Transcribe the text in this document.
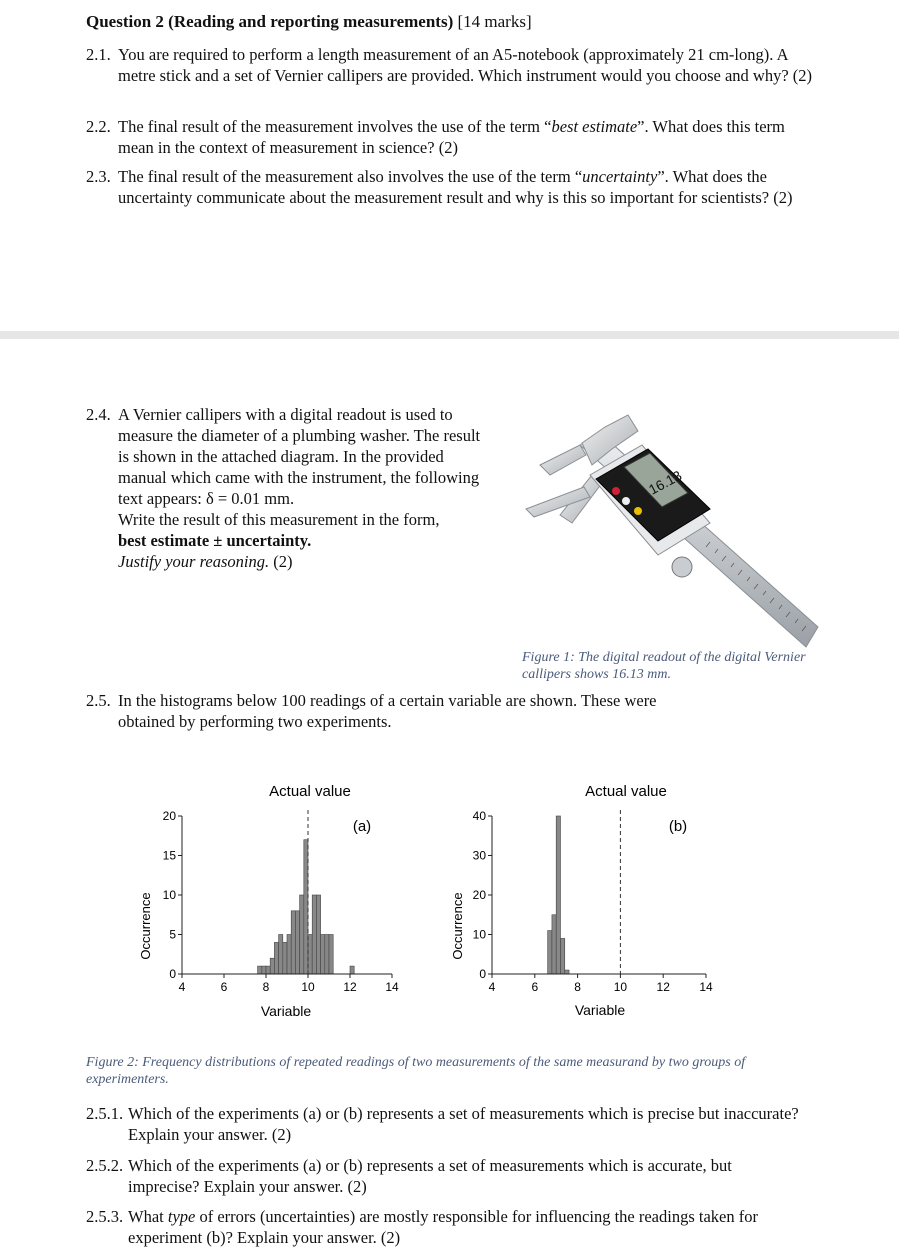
Question 2 (Reading and reporting measurements) [14 marks]
2.1. You are required to perform a length measurement of an A5-notebook (approximately 21 cm-long). A metre stick and a set of Vernier callipers are provided. Which instrument would you choose and why? (2)
2.2. The final result of the measurement involves the use of the term “best estimate”. What does this term mean in the context of measurement in science? (2)
2.3. The final result of the measurement also involves the use of the term “uncertainty”. What does the uncertainty communicate about the measurement result and why is this so important for scientists? (2)
2.4. A Vernier callipers with a digital readout is used to measure the diameter of a plumbing washer. The result is shown in the attached diagram. In the provided manual which came with the instrument, the following text appears: δ = 0.01 mm.
Write the result of this measurement in the form,
best estimate ± uncertainty.
Justify your reasoning. (2)
16.13
Figure 1: The digital readout of the digital Vernier callipers shows 16.13 mm.
2.5. In the histograms below 100 readings of a certain variable are shown. These were obtained by performing two experiments.
Actual value
(a)
Occurrence
Variable
4	6	8	10 12 14
0
5
10
15
20
Actual value
(b)
Occurrence
Variable
4	6	8	10 12 14
0
10
20
30
40
Figure 2: Frequency distributions of repeated readings of two measurements of the same measurand by two groups of experimenters.
2.5.1. Which of the experiments (a) or (b) represents a set of measurements which is precise but inaccurate? Explain your answer. (2)
2.5.2. Which of the experiments (a) or (b) represents a set of measurements which is accurate, but imprecise? Explain your answer. (2)
2.5.3. What type of errors (uncertainties) are mostly responsible for influencing the readings taken for experiment (b)? Explain your answer. (2)
